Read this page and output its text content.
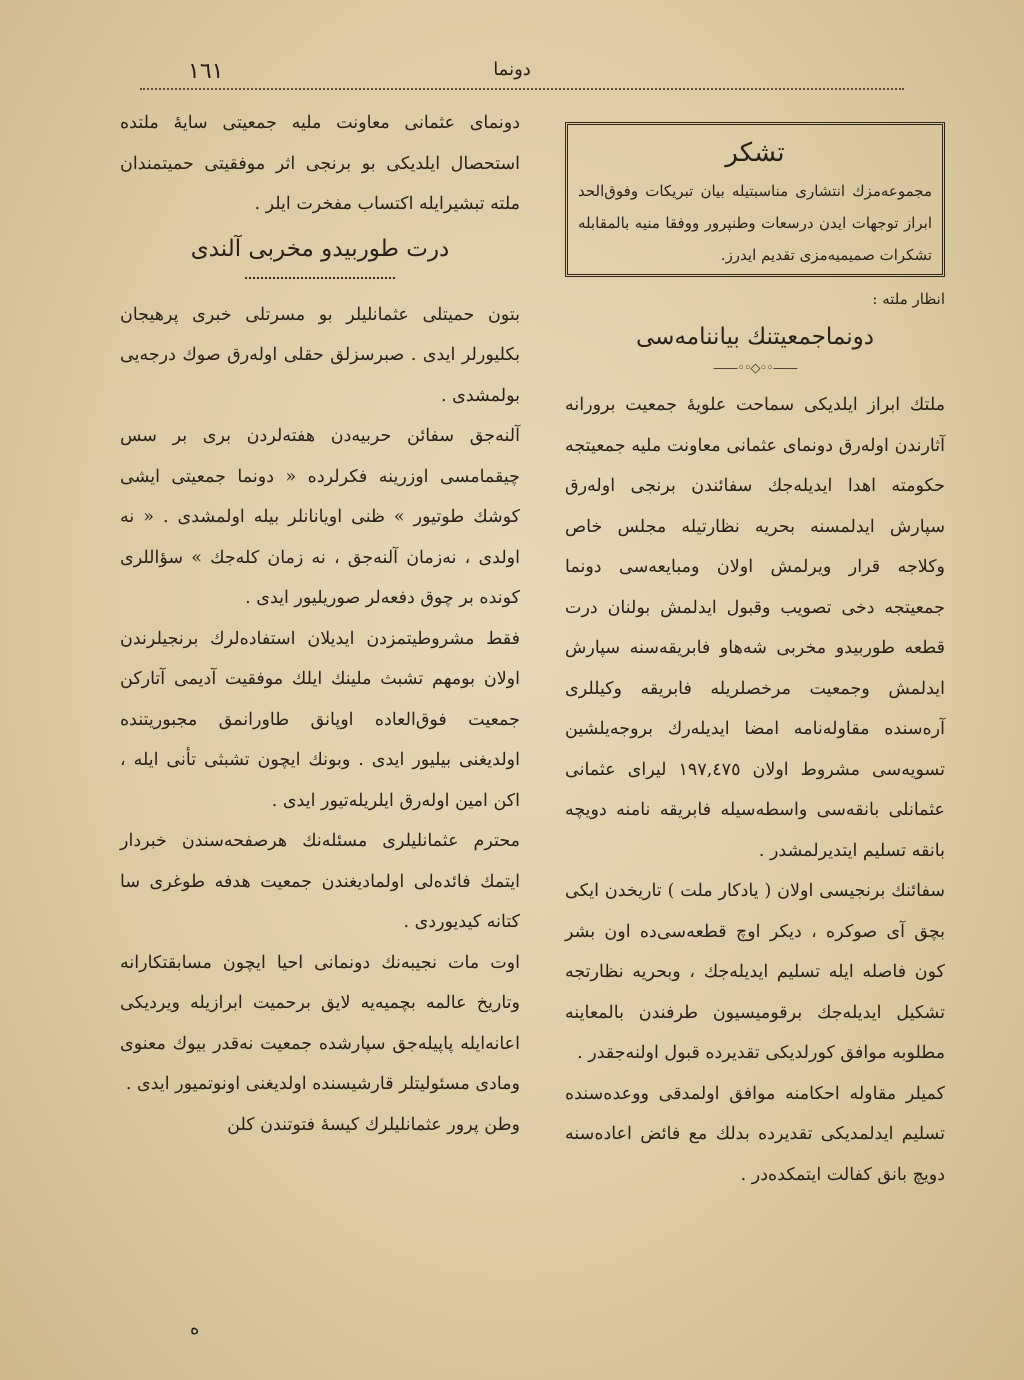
١٦١	دونما
تشکر
مجموعه‌مزك انتشاری مناسبتيله بيان تبريكات وفوق‌الحد ابراز توجهات ايدن درسعات وطنپرور ووفقا منيه بالمقابله تشکرات صميميه‌مزی تقديم ايدرز.
انظار ملته :
دونماجمعيتنك بياننامه‌سی
——◦◦◇◦◦——

ملتك ابراز ايلديكی سماحت علويه‌ٔ جمعيت برورانه آثارندن اولەرق دونمای عثمانی معاونت مليه جمعيتجه حكومته اهدا ايديله‌جك سفائندن برنجی اولەرق سپارش ايدلمسنه بحريه نظارتيله مجلس خاص وكلاجه قرار ويرلمش اولان ومبايعه‌سی دونما جمعيتجه دخی تصويب وقبول ايدلمش بولنان درت قطعه طوربيدو مخربی شه‌هاو فابريقه‌سنه سپارش ايدلمش وجمعيت مرخصلريله فابريقه وكيللری آره‌سنده مقاوله‌نامه امضا ايديله‌رك بروجه‌يلشين تسويه‌سی مشروط اولان ١٩٧,٤٧٥ ليرای عثمانی عثمانلی بانقه‌سی واسطه‌سيله فابريقه نامنه دويچه بانقه تسليم ايتديرلمشدر .

سفائنك برنجيسی اولان ( يادكار ملت ) تاريخدن ايكی بچق آی صوكره ، ديكر اوچ قطعه‌سی‌ده اون بشر كون فاصله ايله تسليم ايديله‌جك ، وبحريه نظارتجه تشكيل ايديله‌جك برقوميسيون طرفندن بالمعاينه مطلوبه موافق كورلديكی تقديرده قبول اولنه‌جقدر .

كميلر مقاوله احكامنه موافق اولمدقی ووعده‌سنده تسليم ايدلمديكی تقديرده بدلك مع فائض اعاده‌سنه دويچ بانق كفالت ايتمكده‌در .

دونمای عثمانی معاونت مليه جمعيتی سايه‌ٔ ملتده استحصال ايلديكی بو برنجی اثر موفقيتی حميتمندان ملته تبشيرايله اكتساب مفخرت ايلر .

درت طوربيدو مخربی آلندی

بتون حميتلی عثمانليلر بو مسرتلی خبری پرهيجان بكليورلر ايدی . صبرسزلق حقلی اولەرق صوك درجه‌يی بولمشدی .

آلنه‌جق سفائن حربيه‌دن هفته‌لردن بری بر سس چيقمامسی اوزرينه فكرلرده « دونما جمعيتی ايشی كوشك طوتيور » ظنی اويانانلر بيله اولمشدی . « نه اولدی ، نه‌زمان آلنه‌جق ، نه زمان كله‌جك » سؤاللری كونده بر چوق دفعه‌لر صوريليور ايدی .

فقط مشروطيتمزدن ايديلان استفاده‌لرك برنجيلرندن اولان بومهم تشبث ملينك ايلك موفقيت آديمی آتاركن جمعيت فوق‌العاده اوپانق طاورانمق مجبوريتنده اولديغنی بيليور ايدی . وبونك ايچون تشبثی تأنی ايله ، اكن امين اولەرق ايلريله‌تيور ايدی .

محترم عثمانليلری مسئله‌نك هرصفحه‌سندن خبردار ايتمك فائده‌لی اولماديغندن جمعيت هدفه طوغری سا كتانه كيديوردی .

اوت مات نجيبه‌نك دونمانی احيا ايچون مسابقتكارانه وتاريخ عالمه بچميه‌يه لايق برحميت ابرازيله ويرديكی اعانه‌ايله پاپيله‌جق سپارشده جمعيت نه‌قدر بيوك معنوی ومادی مسئوليتلر قارشيسنده اولديغنی اونوتميور ايدی .

وطن پرور عثمانليلرك كيسهٔ فتوتندن كلن

ه
